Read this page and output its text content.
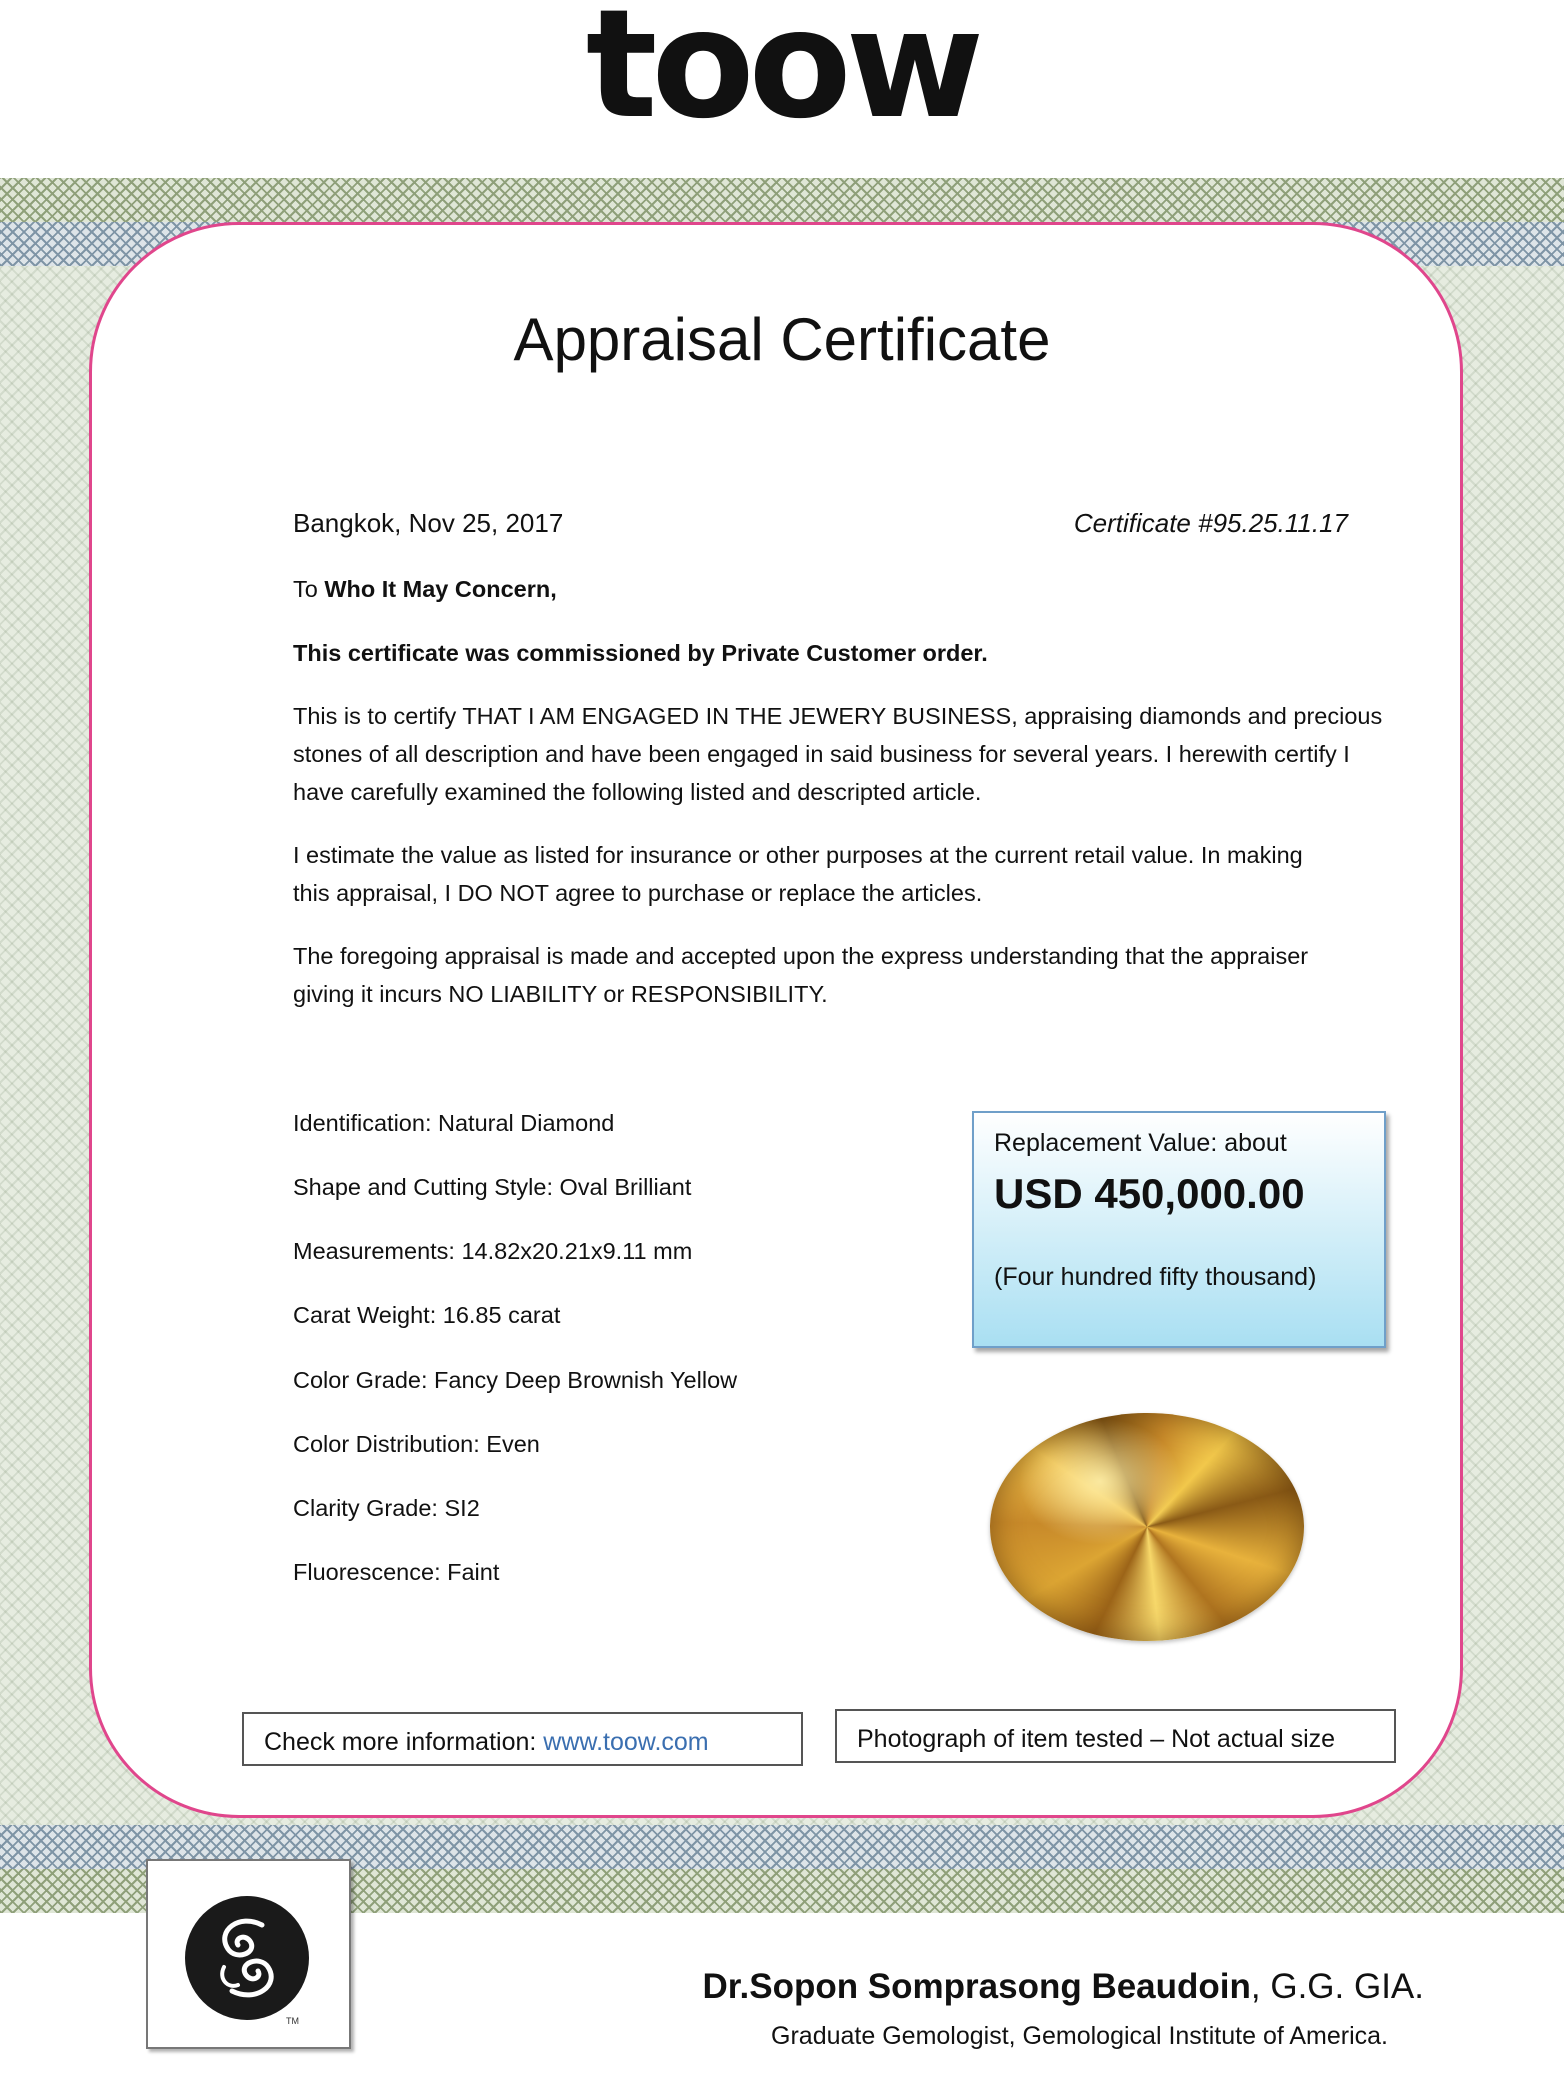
toow
Appraisal Certificate
Bangkok, Nov 25, 2017	Certificate #95.25.11.17
To Who It May Concern,
This certificate was commissioned by Private Customer order.
This is to certify THAT I AM ENGAGED IN THE JEWERY BUSINESS, appraising diamonds and precious
stones of all description and have been engaged in said business for several years. I herewith certify I
have carefully examined the following listed and descripted article.
I estimate the value as listed for insurance or other purposes at the current retail value. In making
this appraisal, I DO NOT agree to purchase or replace the articles.
The foregoing appraisal is made and accepted upon the express understanding that the appraiser
giving it incurs NO LIABILITY or RESPONSIBILITY.
Identification: Natural Diamond
Shape and Cutting Style: Oval Brilliant
Measurements: 14.82x20.21x9.11 mm
Carat Weight: 16.85 carat
Color Grade: Fancy Deep Brownish Yellow
Color Distribution: Even
Clarity Grade: SI2
Fluorescence: Faint
Replacement Value: about
USD 450,000.00
(Four hundred fifty thousand)
Check more information: www.toow.com	Photograph of item tested – Not actual size
TM
Dr.Sopon Somprasong Beaudoin, G.G. GIA.
Graduate Gemologist, Gemological Institute of America.
